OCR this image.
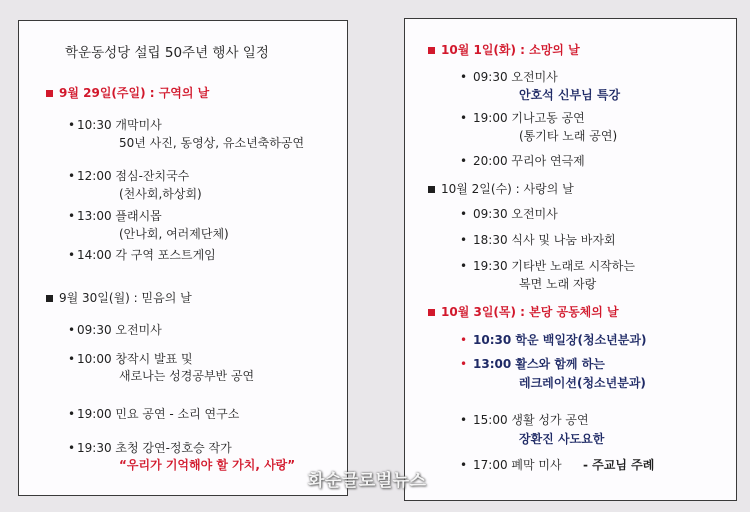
학운동성당 설립 50주년 행사 일정
9월 29일(주일) : 구역의 날
• 10:30 개막미사
50년 사진, 동영상, 유소년축하공연
• 12:00 점심-잔치국수
(천사회,하상회)
• 13:00 플래시몹
(안나회, 여러제단체)
• 14:00 각 구역 포스트게임
9월 30일(월) : 믿음의 날
• 09:30 오전미사
• 10:00 창작시 발표 및
새로나는 성경공부반 공연
• 19:00 민요 공연 - 소리 연구소
• 19:30 초청 강연-정호승 작가
“우리가 기억해야 할 가치, 사랑”
10월 1일(화) : 소망의 날
• 09:30 오전미사
안호석 신부님 특강
• 19:00 기나고동 공연
(통기타 노래 공연)
• 20:00 꾸리아 연극제
10월 2일(수) : 사랑의 날
• 09:30 오전미사
• 18:30 식사 및 나눔 바자회
• 19:30 기타반 노래로 시작하는
복면 노래 자랑
10월 3일(목) : 본당 공동체의 날
• 10:30 학운 백일장(청소년분과)
• 13:00 활스와 함께 하는
레크레이션(청소년분과)
• 15:00 생활 성가 공연
장환진 사도요한
• 17:00 폐막 미사 - 주교님 주례
화순글로벌뉴스
